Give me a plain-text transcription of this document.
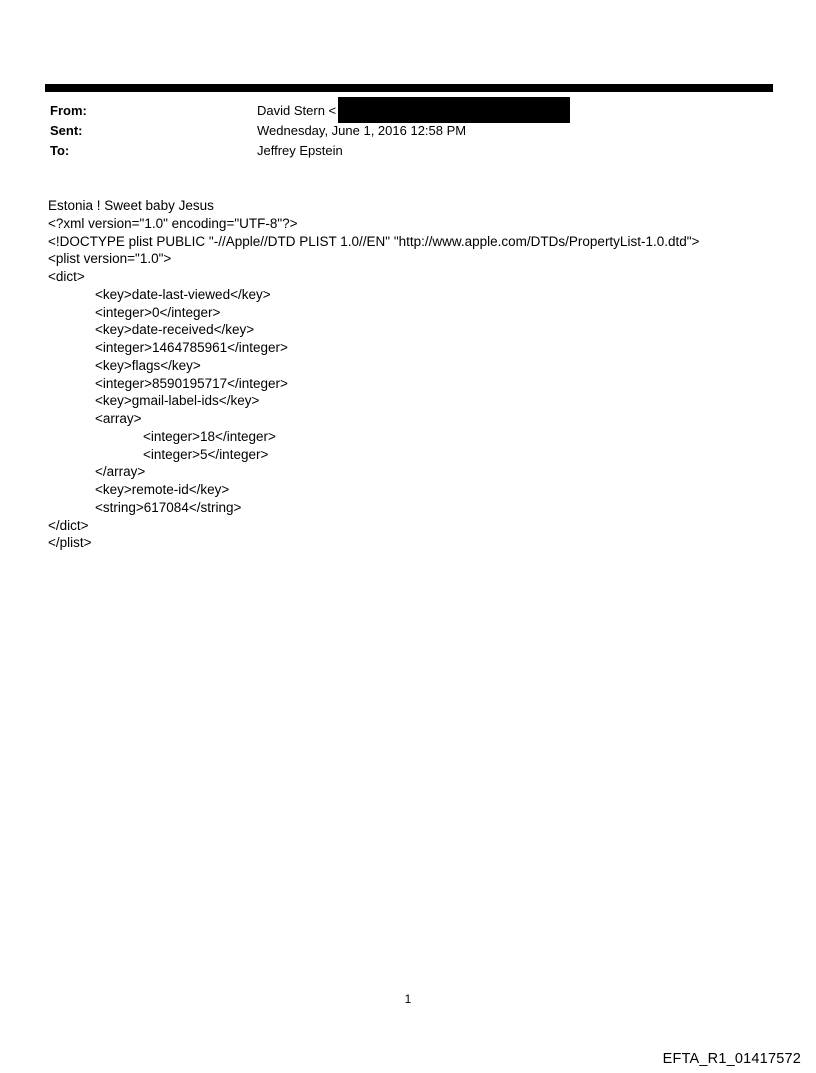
From:	David Stern <
Sent:	Wednesday, June 1, 2016 12:58 PM
To:	Jeffrey Epstein
Estonia ! Sweet baby Jesus
<?xml version="1.0" encoding="UTF-8"?>
<!DOCTYPE plist PUBLIC "-//Apple//DTD PLIST 1.0//EN" "http://www.apple.com/DTDs/PropertyList-1.0.dtd">
<plist version="1.0">
<dict>
<key>date-last-viewed</key>
<integer>0</integer>
<key>date-received</key>
<integer>1464785961</integer>
<key>flags</key>
<integer>8590195717</integer>
<key>gmail-label-ids</key>
<array>
<integer>18</integer>
<integer>5</integer>
</array>
<key>remote-id</key>
<string>617084</string>
</dict>
</plist>
1
EFTA_R1_01417572
